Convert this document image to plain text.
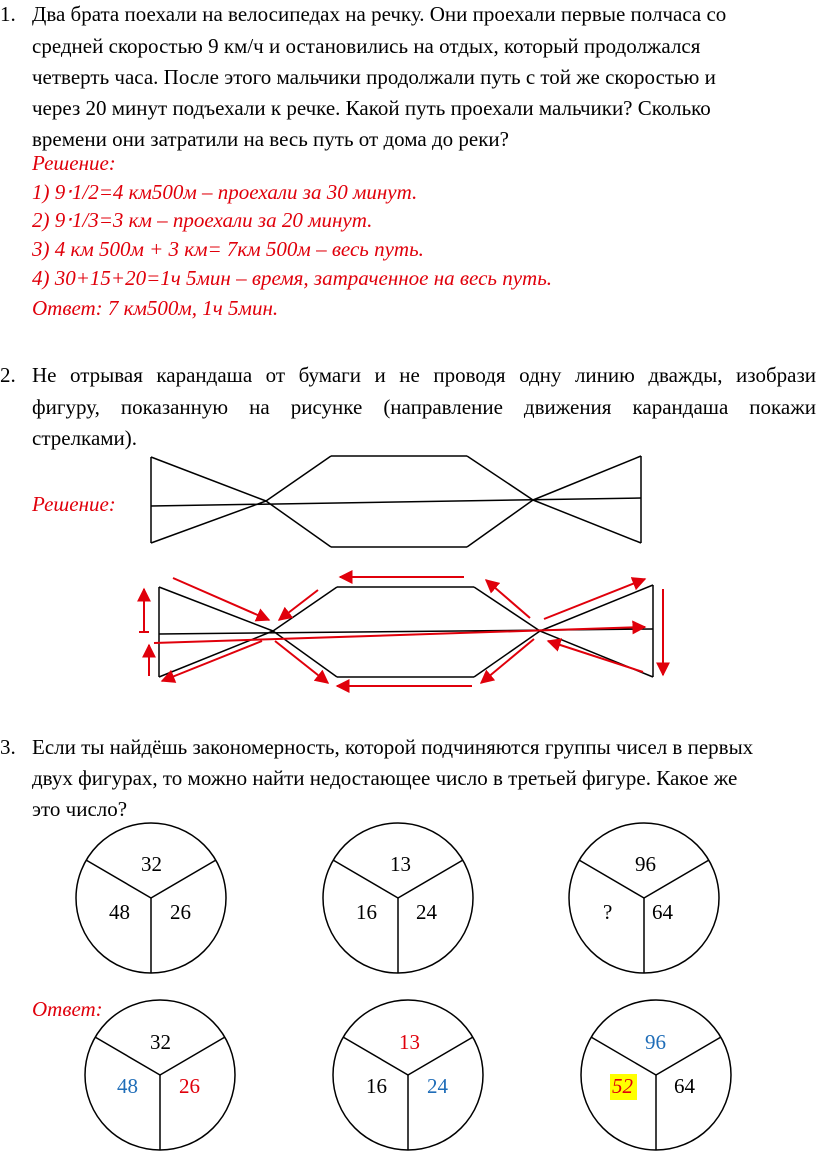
1. Два брата поехали на велосипедах на речку. Они проехали первые полчаса со
средней скоростью 9 км/ч и остановились на отдых, который продолжался
четверть часа. После этого мальчики продолжали путь с той же скоростью и
через 20 минут подъехали к речке. Какой путь проехали мальчики? Сколько
времени они затратили на весь путь от дома до реки?
Решение:
1) 9‧1/2=4 км500м – проехали за 30 минут.
2) 9‧1/3=3 км – проехали за 20 минут.
3) 4 км 500м + 3 км= 7км 500м – весь путь.
4) 30+15+20=1ч 5мин – время, затраченное на весь путь.
Ответ: 7 км500м, 1ч 5мин.
2. Не отрывая карандаша от бумаги и не проводя одну линию дважды, изобрази
фигуру, показанную на рисунке (направление движения карандаша покажи
стрелками).
Решение:
3. Если ты найдёшь закономерность, которой подчиняются группы чисел в первых
двух фигурах, то можно найти недостающее число в третьей фигуре. Какое же
это число?
Ответ:
32
48 26
13
16 24
96
? 64
32
48 26
13
16 24
96
52 64
